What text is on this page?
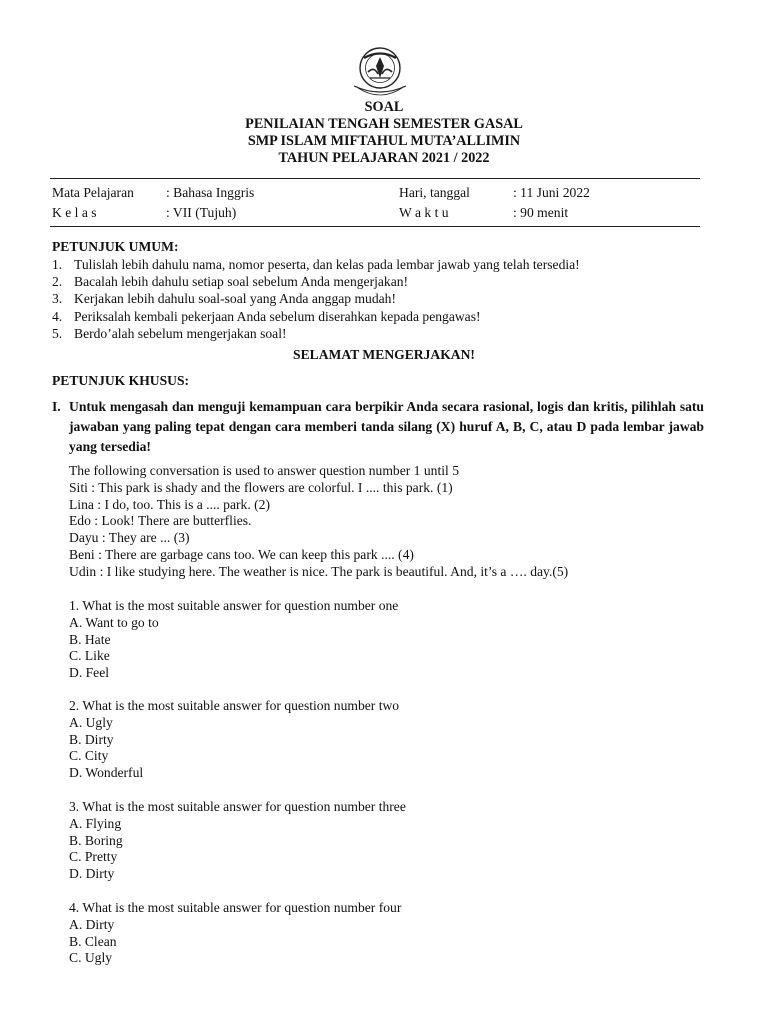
SOAL
PENILAIAN TENGAH SEMESTER GASAL
SMP ISLAM MIFTAHUL MUTA’ALLIMIN
TAHUN PELAJARAN 2021 / 2022
Mata Pelajaran : Bahasa Inggris	Hari, tanggal	: 11 Juni 2022
K e l a s	: VII (Tujuh)	W a k t u	: 90 menit
PETUNJUK UMUM:
1. Tulislah lebih dahulu nama, nomor peserta, dan kelas pada lembar jawab yang telah tersedia!
2. Bacalah lebih dahulu setiap soal sebelum Anda mengerjakan!
3. Kerjakan lebih dahulu soal-soal yang Anda anggap mudah!
4. Periksalah kembali pekerjaan Anda sebelum diserahkan kepada pengawas!
5. Berdo’alah sebelum mengerjakan soal!
SELAMAT MENGERJAKAN!
PETUNJUK KHUSUS:
I. Untuk mengasah dan menguji kemampuan cara berpikir Anda secara rasional, logis dan kritis, pilihlah satu jawaban yang paling tepat dengan cara memberi tanda silang (X) huruf A, B, C, atau D pada lembar jawab yang tersedia!
The following conversation is used to answer question number 1 until 5
Siti : This park is shady and the flowers are colorful. I .... this park. (1)
Lina : I do, too. This is a .... park. (2)
Edo : Look! There are butterflies.
Dayu : They are ... (3)
Beni : There are garbage cans too. We can keep this park .... (4)
Udin : I like studying here. The weather is nice. The park is beautiful. And, it’s a …. day.(5)
1. What is the most suitable answer for question number one
A. Want to go to
B. Hate
C. Like
D. Feel
2. What is the most suitable answer for question number two
A. Ugly
B. Dirty
C. City
D. Wonderful
3. What is the most suitable answer for question number three
A. Flying
B. Boring
C. Pretty
D. Dirty
4. What is the most suitable answer for question number four
A. Dirty
B. Clean
C. Ugly
